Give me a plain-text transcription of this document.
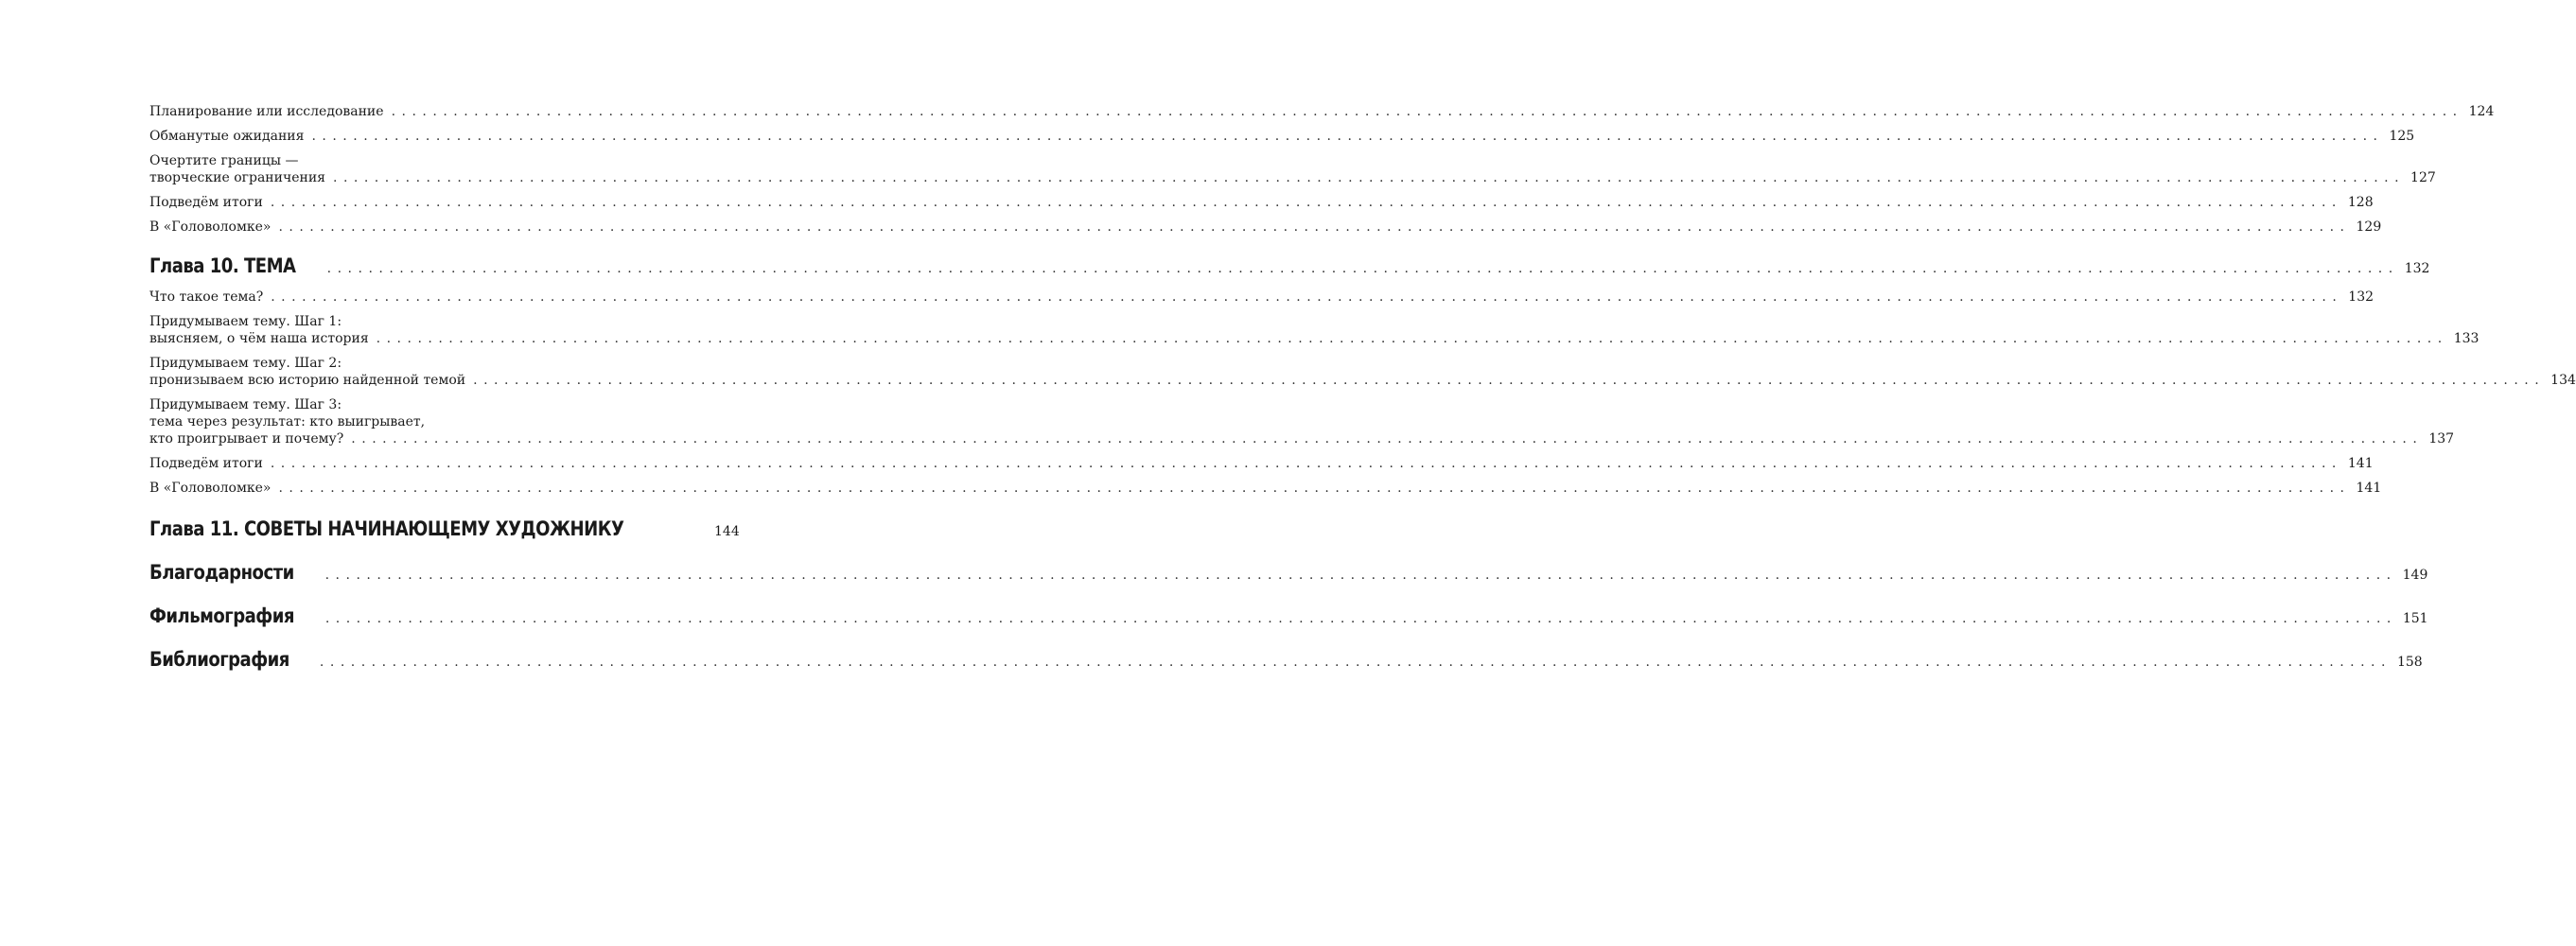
Планирование или исследование ........................................................................................................................................................................................................ 124
Обманутые ожидания ........................................................................................................................................................................................................ 125
Очертите границы —
творческие ограничения ........................................................................................................................................................................................................ 127
Подведём итоги ........................................................................................................................................................................................................ 128
В «Головоломке» ........................................................................................................................................................................................................ 129
Глава 10. ТЕМА ........................................................................................................................................................................................................ 132
Что такое тема? ........................................................................................................................................................................................................ 132
Придумываем тему. Шаг 1:
выясняем, о чём наша история ........................................................................................................................................................................................................ 133
Придумываем тему. Шаг 2:
пронизываем всю историю найденной темой ........................................................................................................................................................................................................ 134
Придумываем тему. Шаг 3:
тема через результат: кто выигрывает,
кто проигрывает и почему? ........................................................................................................................................................................................................ 137
Подведём итоги ........................................................................................................................................................................................................ 141
В «Головоломке» ........................................................................................................................................................................................................ 141
Глава 11. СОВЕТЫ НАЧИНАЮЩЕМУ ХУДОЖНИКУ	144
Благодарности ........................................................................................................................................................................................................ 149
Фильмография ........................................................................................................................................................................................................ 151
Библиография ........................................................................................................................................................................................................ 158
